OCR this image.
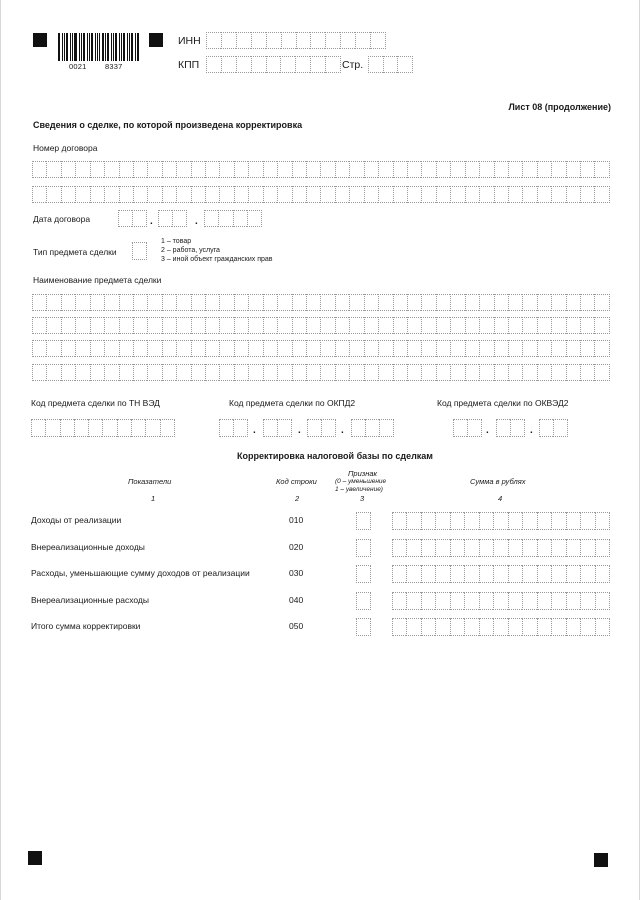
0021 8337
ИНН
КПП	Стр.
Лист 08 (продолжение)
Сведения о сделке, по которой произведена корректировка
Номер договора
Дата договора	.	.
Тип предмета сделки
1 – товар
2 – работа, услуга
3 – иной объект гражданских прав
Наименование предмета сделки
Код предмета сделки по ТН ВЭД	Код предмета сделки по ОКПД2
.	.	.
Код предмета сделки по ОКВЭД2
.	.
Корректировка налоговой базы по сделкам
Показатели
1
Код строки
2
Признак
(0 – уменьшение
1 – увеличение)
3
Сумма в рублях
4
Доходы от реализации	010
Внереализационные доходы	020
Расходы, уменьшающие сумму доходов от реализации	030
Внереализационные расходы	040
Итого сумма корректировки	050
